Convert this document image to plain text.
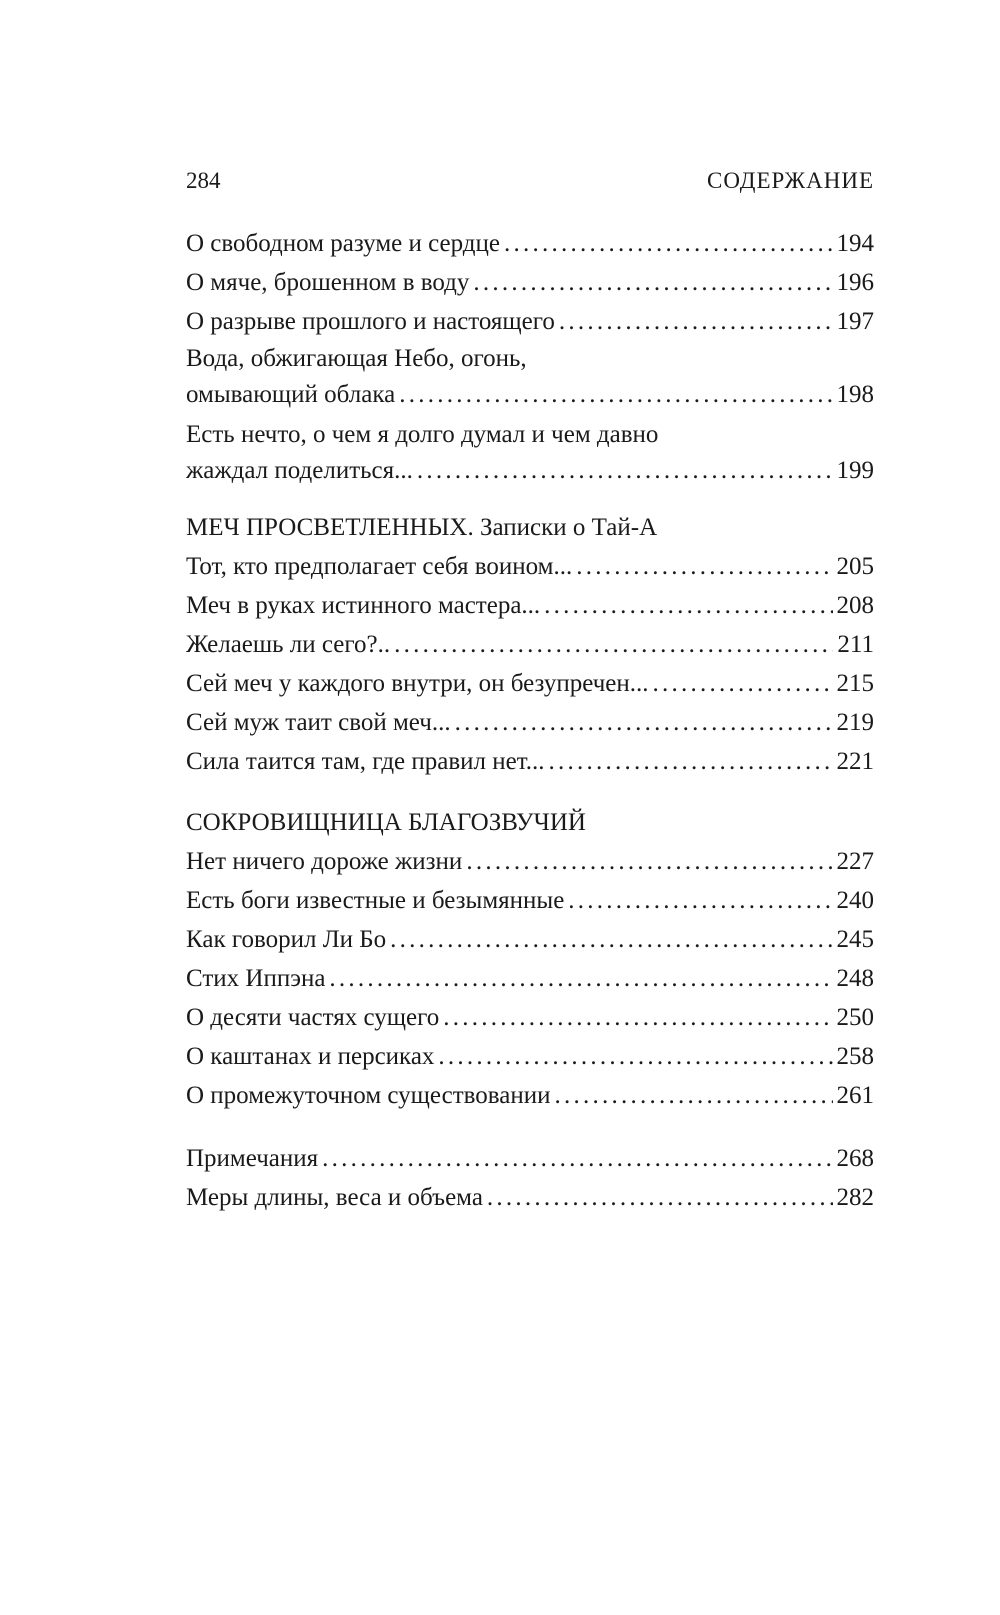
284	СОДЕРЖАНИЕ
О свободном разуме и сердце . . .	194
О мяче, брошенном в воду . . .	196
О разрыве прошлого и настоящего . . .	197
Вода, обжигающая Небо, огонь,
омывающий облака . . .	198
Есть нечто, о чем я долго думал и чем давно
жаждал поделиться... . . .	199
МЕЧ ПРОСВЕТЛЕННЫХ. Записки о Тай-А
Тот, кто предполагает себя воином... . . .	205
Меч в руках истинного мастера... . . .	208
Желаешь ли сего?.. . . .	211
Сей меч у каждого внутри, он безупречен... . . .	215
Сей муж таит свой меч... . . .	219
Сила таится там, где правил нет... . . .	221
СОКРОВИЩНИЦА БЛАГОЗВУЧИЙ
Нет ничего дороже жизни . . .	227
Есть боги известные и безымянные . . .	240
Как говорил Ли Бо . . .	245
Стих Иппэна . . .	248
О десяти частях сущего . . .	250
О каштанах и персиках . . .	258
О промежуточном существовании . . .	261
Примечания . . .	268
Меры длины, веса и объема . . .	282
